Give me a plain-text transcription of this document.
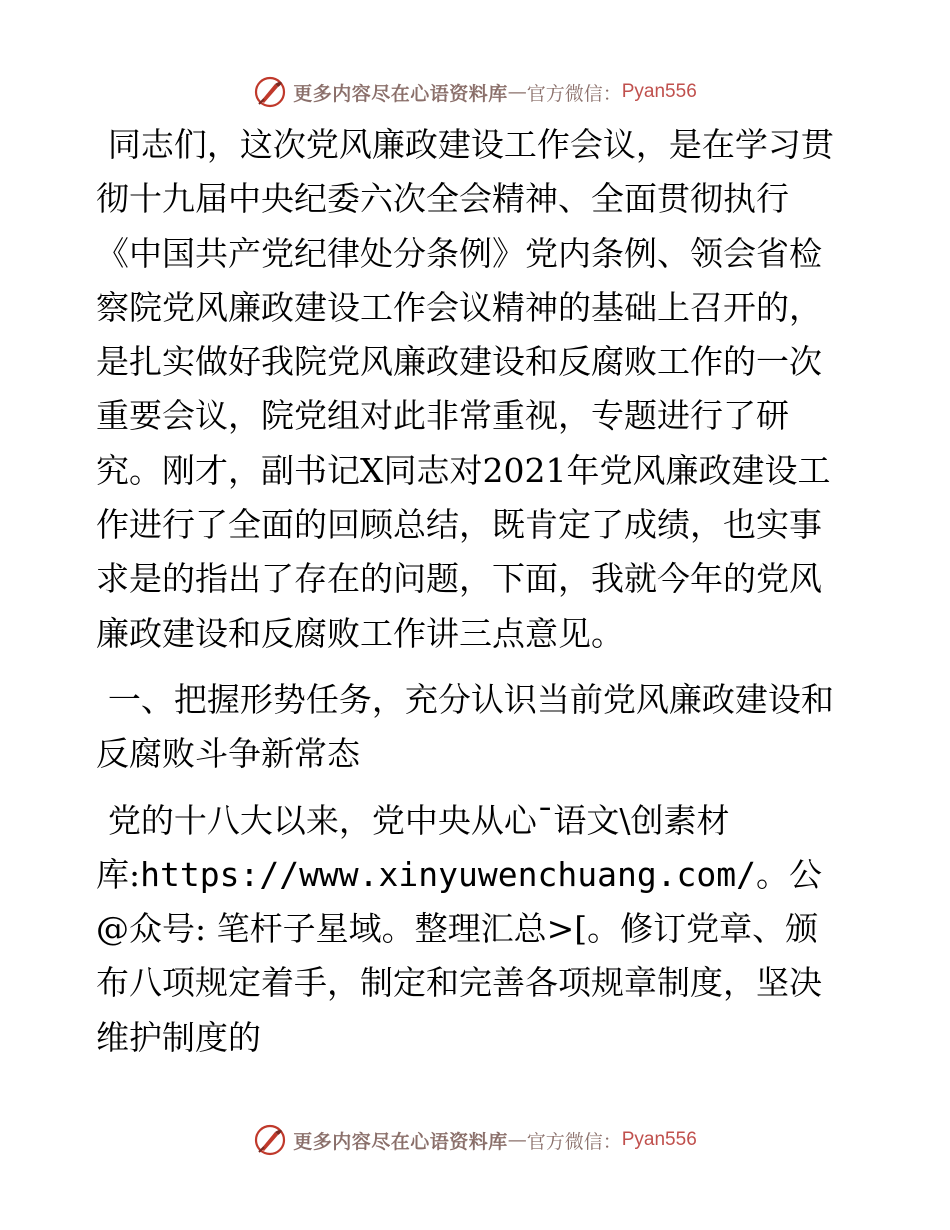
更多内容尽在心语资料库 — 官方微信： Pyan556

同志们，这次党风廉政建设工作会议，是在学习贯彻十九届中央纪委六次全会精神、全面贯彻执行《中国共产党纪律处分条例》党内条例、领会省检察院党风廉政建设工作会议精神的基础上召开的，是扎实做好我院党风廉政建设和反腐败工作的一次重要会议，院党组对此非常重视，专题进行了研究。刚才，副书记X同志对2021年党风廉政建设工作进行了全面的回顾总结，既肯定了成绩，也实事求是的指出了存在的问题，下面，我就今年的党风廉政建设和反腐败工作讲三点意见。

一、把握形势任务，充分认识当前党风廉政建设和反腐败斗争新常态

党的十八大以来，党中央从心¯语文\创素材库:https://www.xinyuwenchuang.com/。公@众号: 笔杆子星域。整理汇总>[。修订党章、颁布八项规定着手，制定和完善各项规章制度，坚决维护制度的

更多内容尽在心语资料库 — 官方微信： Pyan556
